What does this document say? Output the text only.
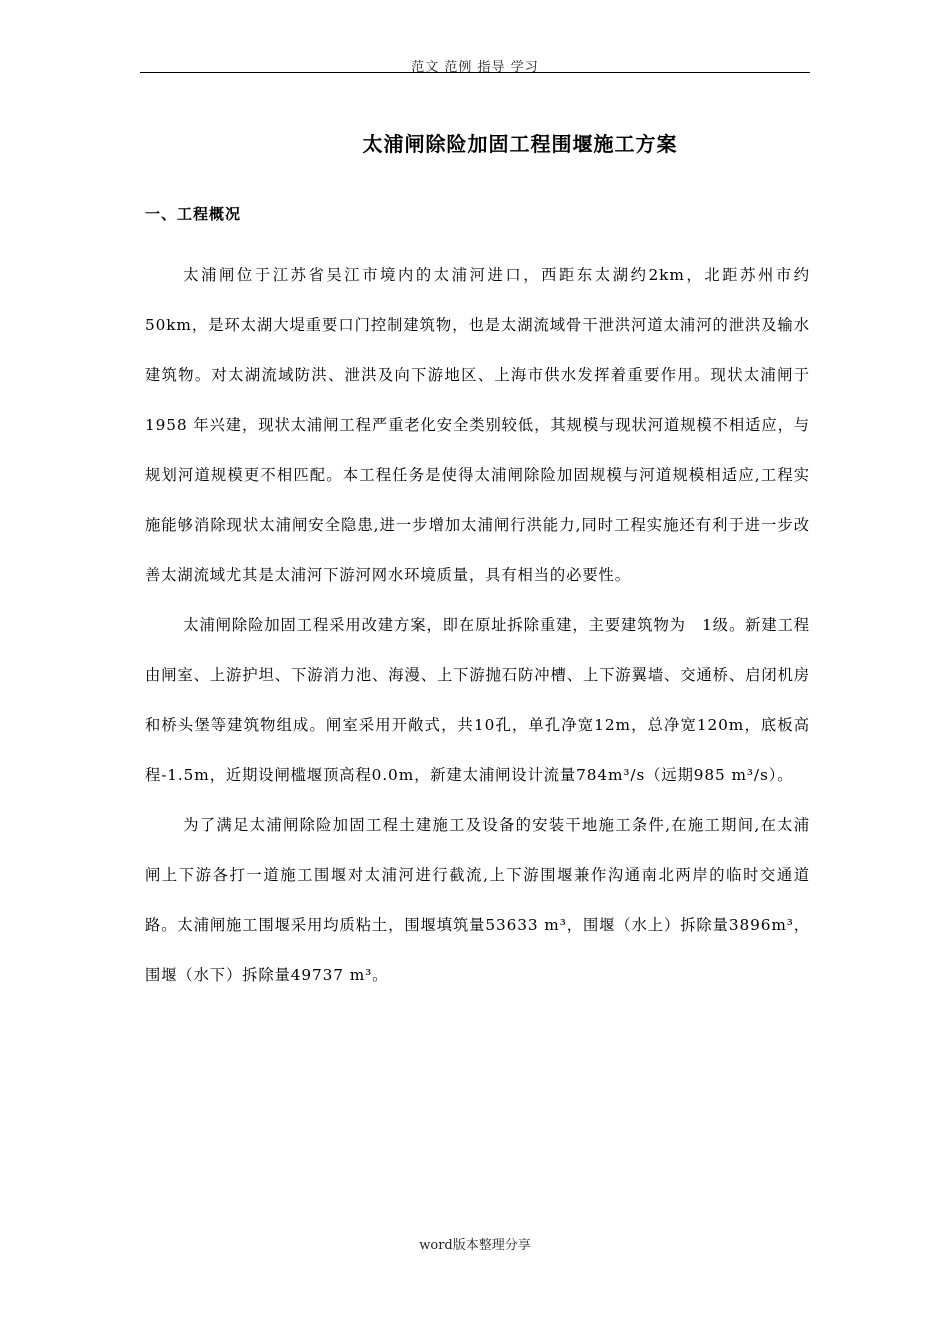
范文 范例 指导 学习
太浦闸除险加固工程围堰施工方案
一、工程概况

太浦闸位于江苏省吴江市境内的太浦河进口，西距东太湖约2km，北距苏州市约 50km，是环太湖大堤重要口门控制建筑物，也是太湖流域骨干泄洪河道太浦河的泄洪及输水建筑物。对太湖流域防洪、泄洪及向下游地区、上海市供水发挥着重要作用。现状太浦闸于 1958 年兴建，现状太浦闸工程严重老化安全类别较低，其规模与现状河道规模不相适应，与规划河道规模更不相匹配。本工程任务是使得太浦闸除险加固规模与河道规模相适应,工程实施能够消除现状太浦闸安全隐患,进一步增加太浦闸行洪能力,同时工程实施还有利于进一步改善太湖流域尤其是太浦河下游河网水环境质量，具有相当的必要性。

太浦闸除险加固工程采用改建方案，即在原址拆除重建，主要建筑物为　1级。新建工程由闸室、上游护坦、下游消力池、海漫、上下游抛石防冲槽、上下游翼墙、交通桥、启闭机房和桥头堡等建筑物组成。闸室采用开敞式，共10孔，单孔净宽12m，总净宽120m，底板高程-1.5m，近期设闸槛堰顶高程0.0m，新建太浦闸设计流量784m³/s（远期985 m³/s）。

为了满足太浦闸除险加固工程土建施工及设备的安装干地施工条件,在施工期间,在太浦闸上下游各打一道施工围堰对太浦河进行截流,上下游围堰兼作沟通南北两岸的临时交通道路。太浦闸施工围堰采用均质粘土，围堰填筑量53633 m³，围堰（水上）拆除量3896m³，围堰（水下）拆除量49737 m³。

word版本整理分享
